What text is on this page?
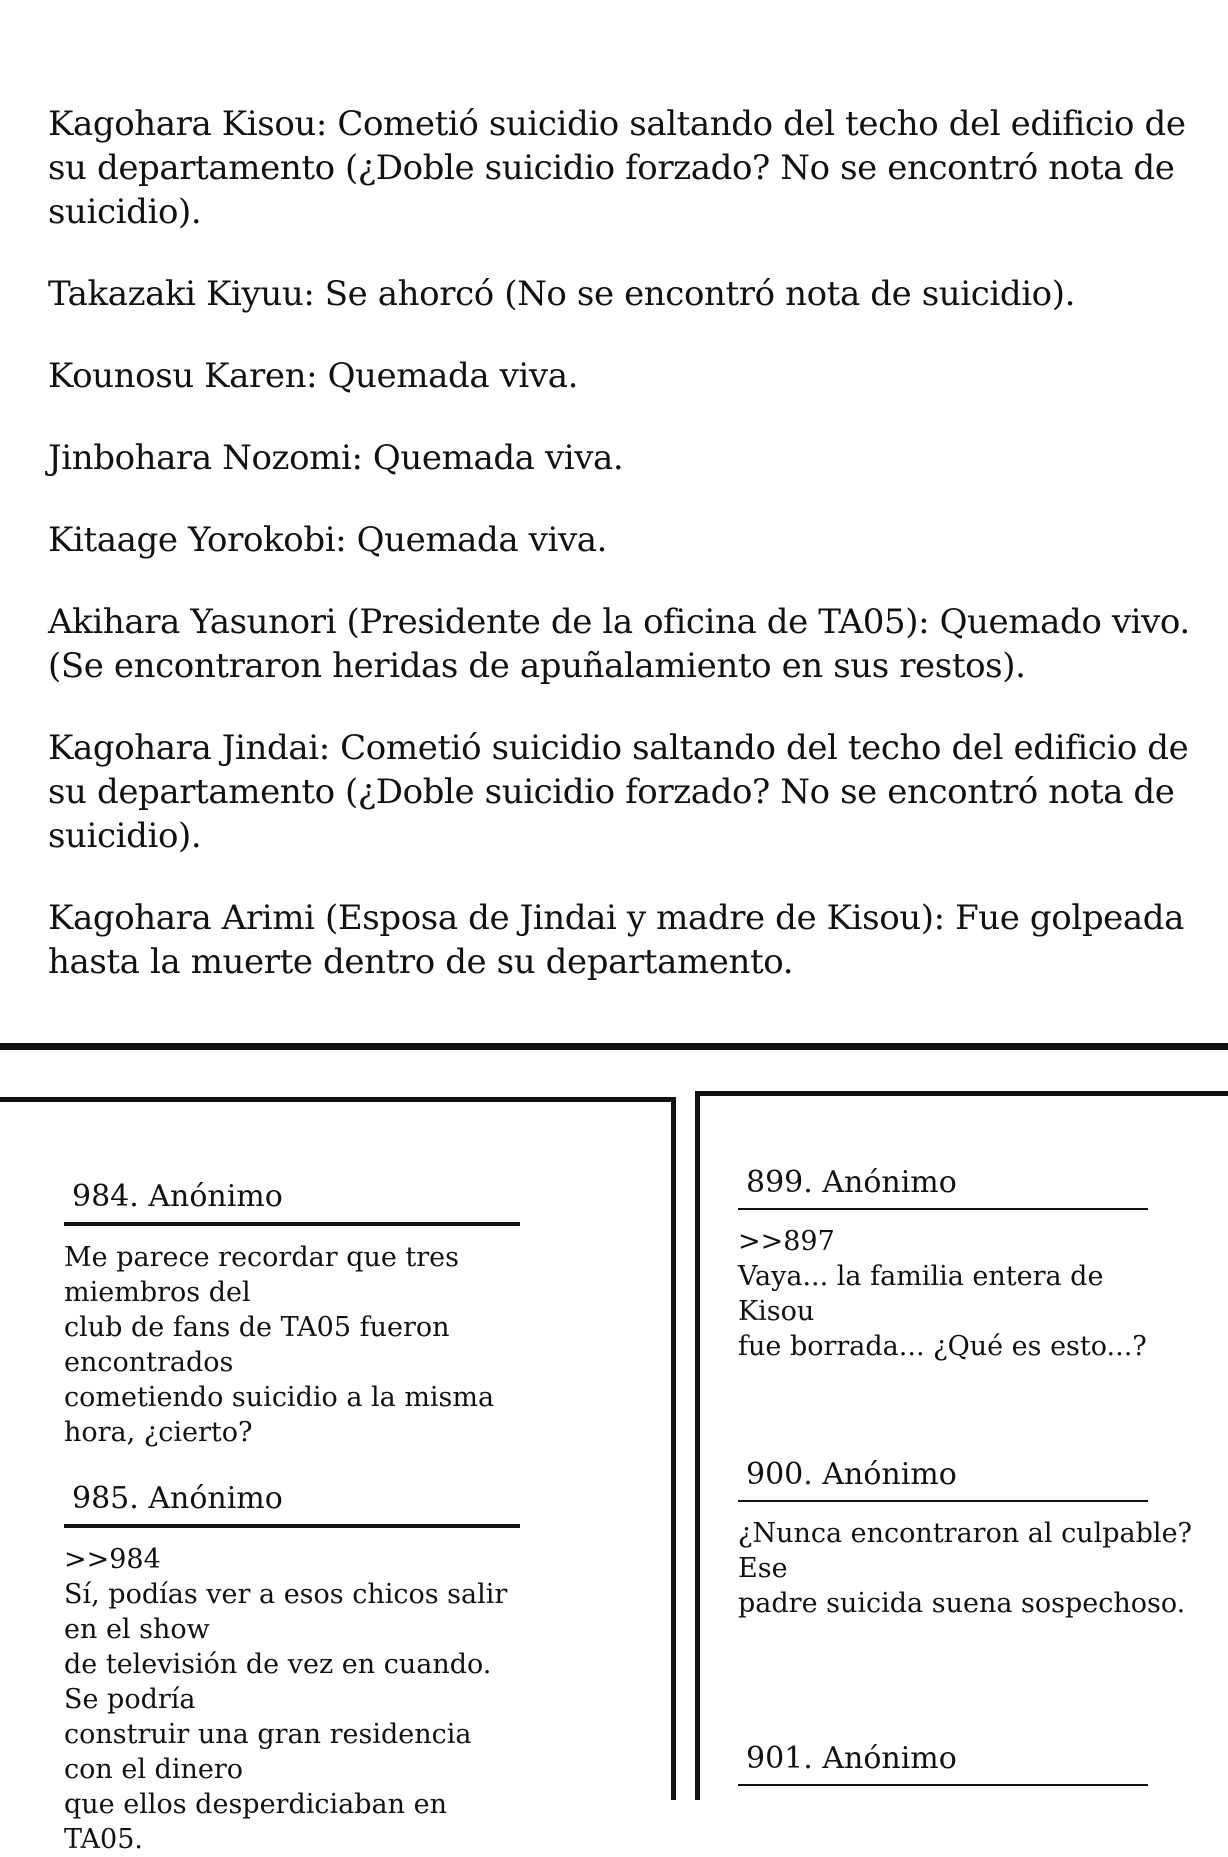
Kagohara Kisou: Cometió suicidio saltando del techo del edificio de su departamento (¿Doble suicidio forzado? No se encontró nota de suicidio).

Takazaki Kiyuu: Se ahorcó (No se encontró nota de suicidio).

Kounosu Karen: Quemada viva.

Jinbohara Nozomi: Quemada viva.

Kitaage Yorokobi: Quemada viva.

Akihara Yasunori (Presidente de la oficina de TA05): Quemado vivo. (Se encontraron heridas de apuñalamiento en sus restos).

Kagohara Jindai: Cometió suicidio saltando del techo del edificio de su departamento (¿Doble suicidio forzado? No se encontró nota de suicidio).

Kagohara Arimi (Esposa de Jindai y madre de Kisou): Fue golpeada hasta la muerte dentro de su departamento.

984. Anónimo

Me parece recordar que tres miembros del
club de fans de TA05 fueron encontrados
cometiendo suicidio a la misma hora, ¿cierto?

985. Anónimo

>>984
Sí, podías ver a esos chicos salir en el show
de televisión de vez en cuando. Se podría
construir una gran residencia con el dinero
que ellos desperdiciaban en TA05.

899. Anónimo

>>897
Vaya... la familia entera de Kisou
fue borrada... ¿Qué es esto...?

900. Anónimo

¿Nunca encontraron al culpable? Ese
padre suicida suena sospechoso.

901. Anónimo
